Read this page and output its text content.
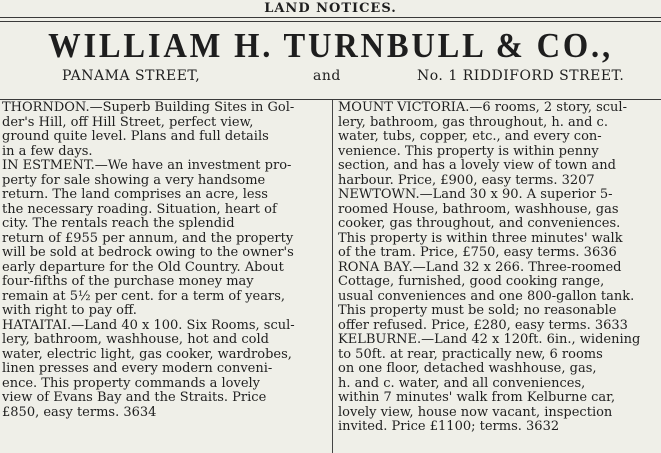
LAND NOTICES.
WILLIAM H. TURNBULL & CO.,
PANAMA STREET,	and	No. 1 RIDDIFORD STREET.
THORNDON.—Superb Building Sites in Gol-
der's Hill, off Hill Street, perfect view,
ground quite level. Plans and full details
in a few days.
IN ESTMENT.—We have an investment pro-
perty for sale showing a very handsome
return. The land comprises an acre, less
the necessary roading. Situation, heart of
city. The rentals reach the splendid
return of £955 per annum, and the property
will be sold at bedrock owing to the owner's
early departure for the Old Country. About
four-fifths of the purchase money may
remain at 5½ per cent. for a term of years,
with right to pay off.
HATAITAI.—Land 40 x 100. Six Rooms, scul-
lery, bathroom, washhouse, hot and cold
water, electric light, gas cooker, wardrobes,
linen presses and every modern conveni-
ence. This property commands a lovely
view of Evans Bay and the Straits. Price
£850, easy terms. 3634
MOUNT VICTORIA.—6 rooms, 2 story, scul-
lery, bathroom, gas throughout, h. and c.
water, tubs, copper, etc., and every con-
venience. This property is within penny
section, and has a lovely view of town and
harbour. Price, £900, easy terms. 3207
NEWTOWN.—Land 30 x 90. A superior 5-
roomed House, bathroom, washhouse, gas
cooker, gas throughout, and conveniences.
This property is within three minutes' walk
of the tram. Price, £750, easy terms. 3636
RONA BAY.—Land 32 x 266. Three-roomed
Cottage, furnished, good cooking range,
usual conveniences and one 800-gallon tank.
This property must be sold; no reasonable
offer refused. Price, £280, easy terms. 3633
KELBURNE.—Land 42 x 120ft. 6in., widening
to 50ft. at rear, practically new, 6 rooms
on one floor, detached washhouse, gas,
h. and c. water, and all conveniences,
within 7 minutes' walk from Kelburne car,
lovely view, house now vacant, inspection
invited. Price £1100; terms. 3632
